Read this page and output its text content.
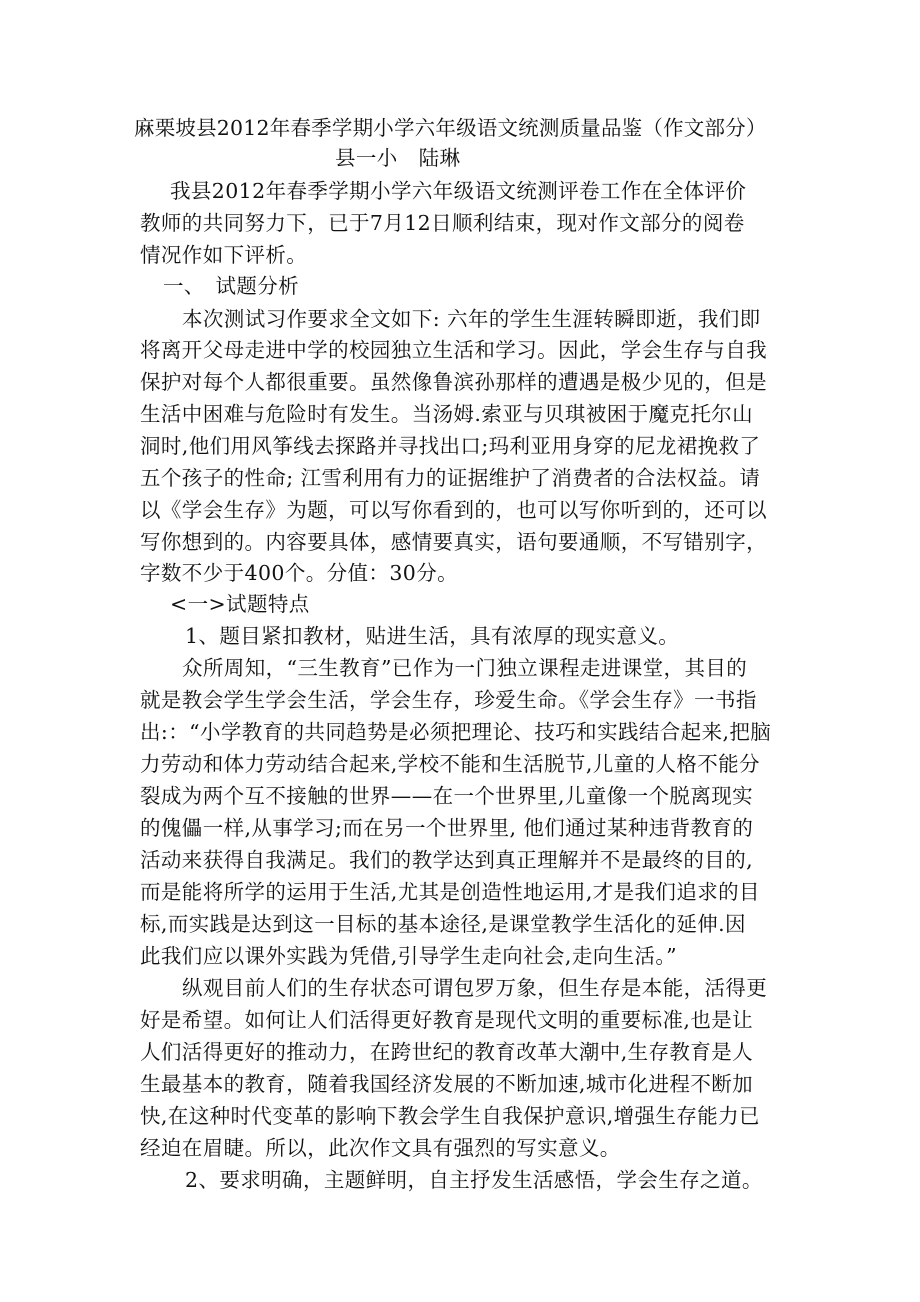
麻栗坡县2012年春季学期小学六年级语文统测质量品鉴（作文部分）
县一小　陆琳
我县2012年春季学期小学六年级语文统测评卷工作在全体评价
教师的共同努力下，已于7月12日顺利结束，现对作文部分的阅卷
情况作如下评析。
一、　试题分析
本次测试习作要求全文如下: 六年的学生生涯转瞬即逝，我们即
将离开父母走进中学的校园独立生活和学习。因此，学会生存与自我
保护对每个人都很重要。虽然像鲁滨孙那样的遭遇是极少见的，但是
生活中困难与危险时有发生。当汤姆.索亚与贝琪被困于魔克托尔山
洞时,他们用风筝线去探路并寻找出口;玛利亚用身穿的尼龙裙挽救了
五个孩子的性命; 江雪利用有力的证据维护了消费者的合法权益。请
以《学会生存》为题，可以写你看到的，也可以写你听到的，还可以
写你想到的。内容要具体，感情要真实，语句要通顺，不写错别字，
字数不少于400个。分值：30分。
<一>试题特点
1、题目紧扣教材，贴进生活，具有浓厚的现实意义。
众所周知，“三生教育”已作为一门独立课程走进课堂，其目的
就是教会学生学会生活，学会生存，珍爱生命。《学会生存》一书指
出:：“小学教育的共同趋势是必须把理论、技巧和实践结合起来,把脑
力劳动和体力劳动结合起来,学校不能和生活脱节,儿童的人格不能分
裂成为两个互不接触的世界——在一个世界里,儿童像一个脱离现实
的傀儡一样,从事学习;而在另一个世界里, 他们通过某种违背教育的
活动来获得自我满足。我们的教学达到真正理解并不是最终的目的,
而是能将所学的运用于生活,尤其是创造性地运用,才是我们追求的目
标,而实践是达到这一目标的基本途径,是课堂教学生活化的延伸.因
此我们应以课外实践为凭借,引导学生走向社会,走向生活。”
纵观目前人们的生存状态可谓包罗万象，但生存是本能，活得更
好是希望。如何让人们活得更好教育是现代文明的重要标准,也是让
人们活得更好的推动力，在跨世纪的教育改革大潮中,生存教育是人
生最基本的教育，随着我国经济发展的不断加速,城市化进程不断加
快,在这种时代变革的影响下教会学生自我保护意识,增强生存能力已
经迫在眉睫。所以，此次作文具有强烈的写实意义。
2、要求明确，主题鲜明，自主抒发生活感悟，学会生存之道。
